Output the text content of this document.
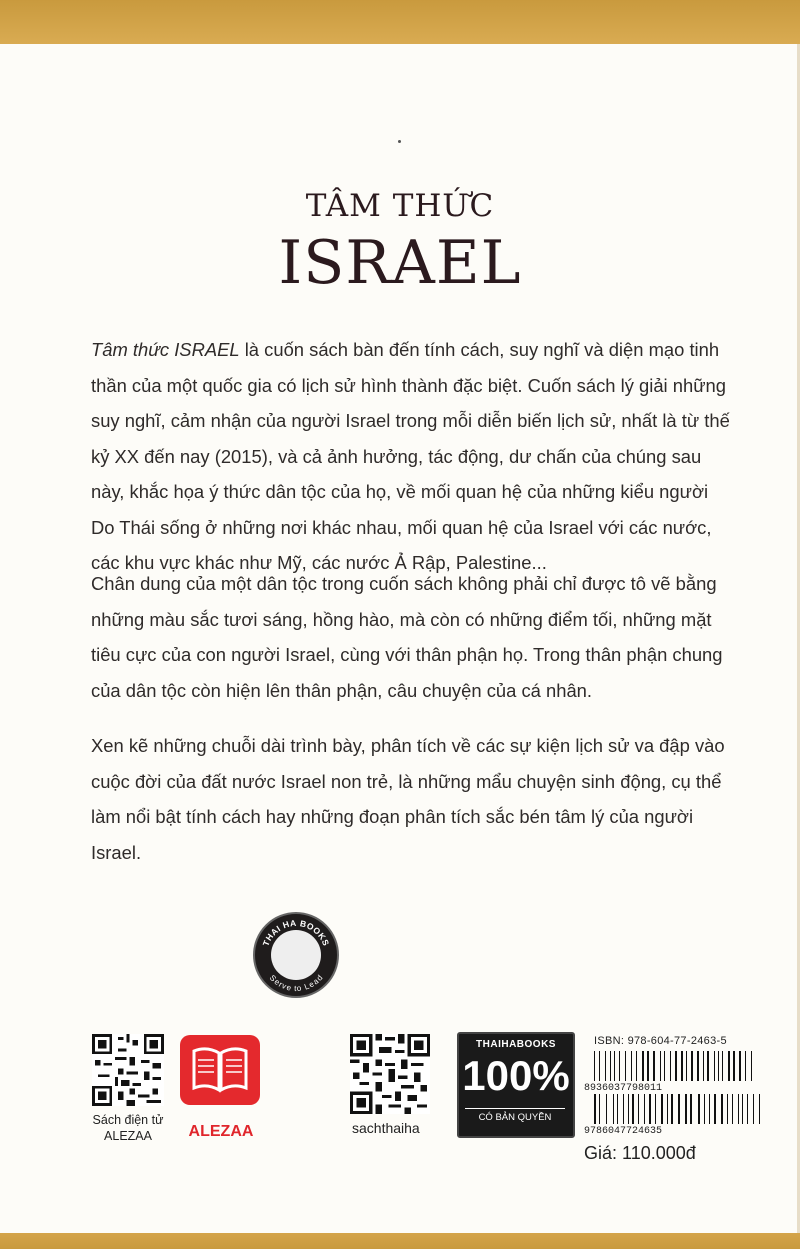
TÂM THỨC
ISRAEL
Tâm thức ISRAEL là cuốn sách bàn đến tính cách, suy nghĩ và diện mạo tinh thần của một quốc gia có lịch sử hình thành đặc biệt. Cuốn sách lý giải những suy nghĩ, cảm nhận của người Israel trong mỗi diễn biến lịch sử, nhất là từ thế kỷ XX đến nay (2015), và cả ảnh hưởng, tác động, dư chấn của chúng sau này, khắc họa ý thức dân tộc của họ, về mối quan hệ của những kiểu người Do Thái sống ở những nơi khác nhau, mối quan hệ của Israel với các nước, các khu vực khác như Mỹ, các nước Ả Rập, Palestine...
Chân dung của một dân tộc trong cuốn sách không phải chỉ được tô vẽ bằng những màu sắc tươi sáng, hồng hào, mà còn có những điểm tối, những mặt tiêu cực của con người Israel, cùng với thân phận họ. Trong thân phận chung của dân tộc còn hiện lên thân phận, câu chuyện của cá nhân.
Xen kẽ những chuỗi dài trình bày, phân tích về các sự kiện lịch sử va đập vào cuộc đời của đất nước Israel non trẻ, là những mẩu chuyện sinh động, cụ thể làm nổi bật tính cách hay những đoạn phân tích sắc bén tâm lý của người Israel.
THAI HA BOOKS
Serve to Lead
Sách điện tử
ALEZAA	ALEZAA	sachthaiha
THAIHABOOKS
100%
CÓ BẢN QUYỀN
ISBN: 978-604-77-2463-5
8936037798011
9786047724635
Giá: 110.000đ
